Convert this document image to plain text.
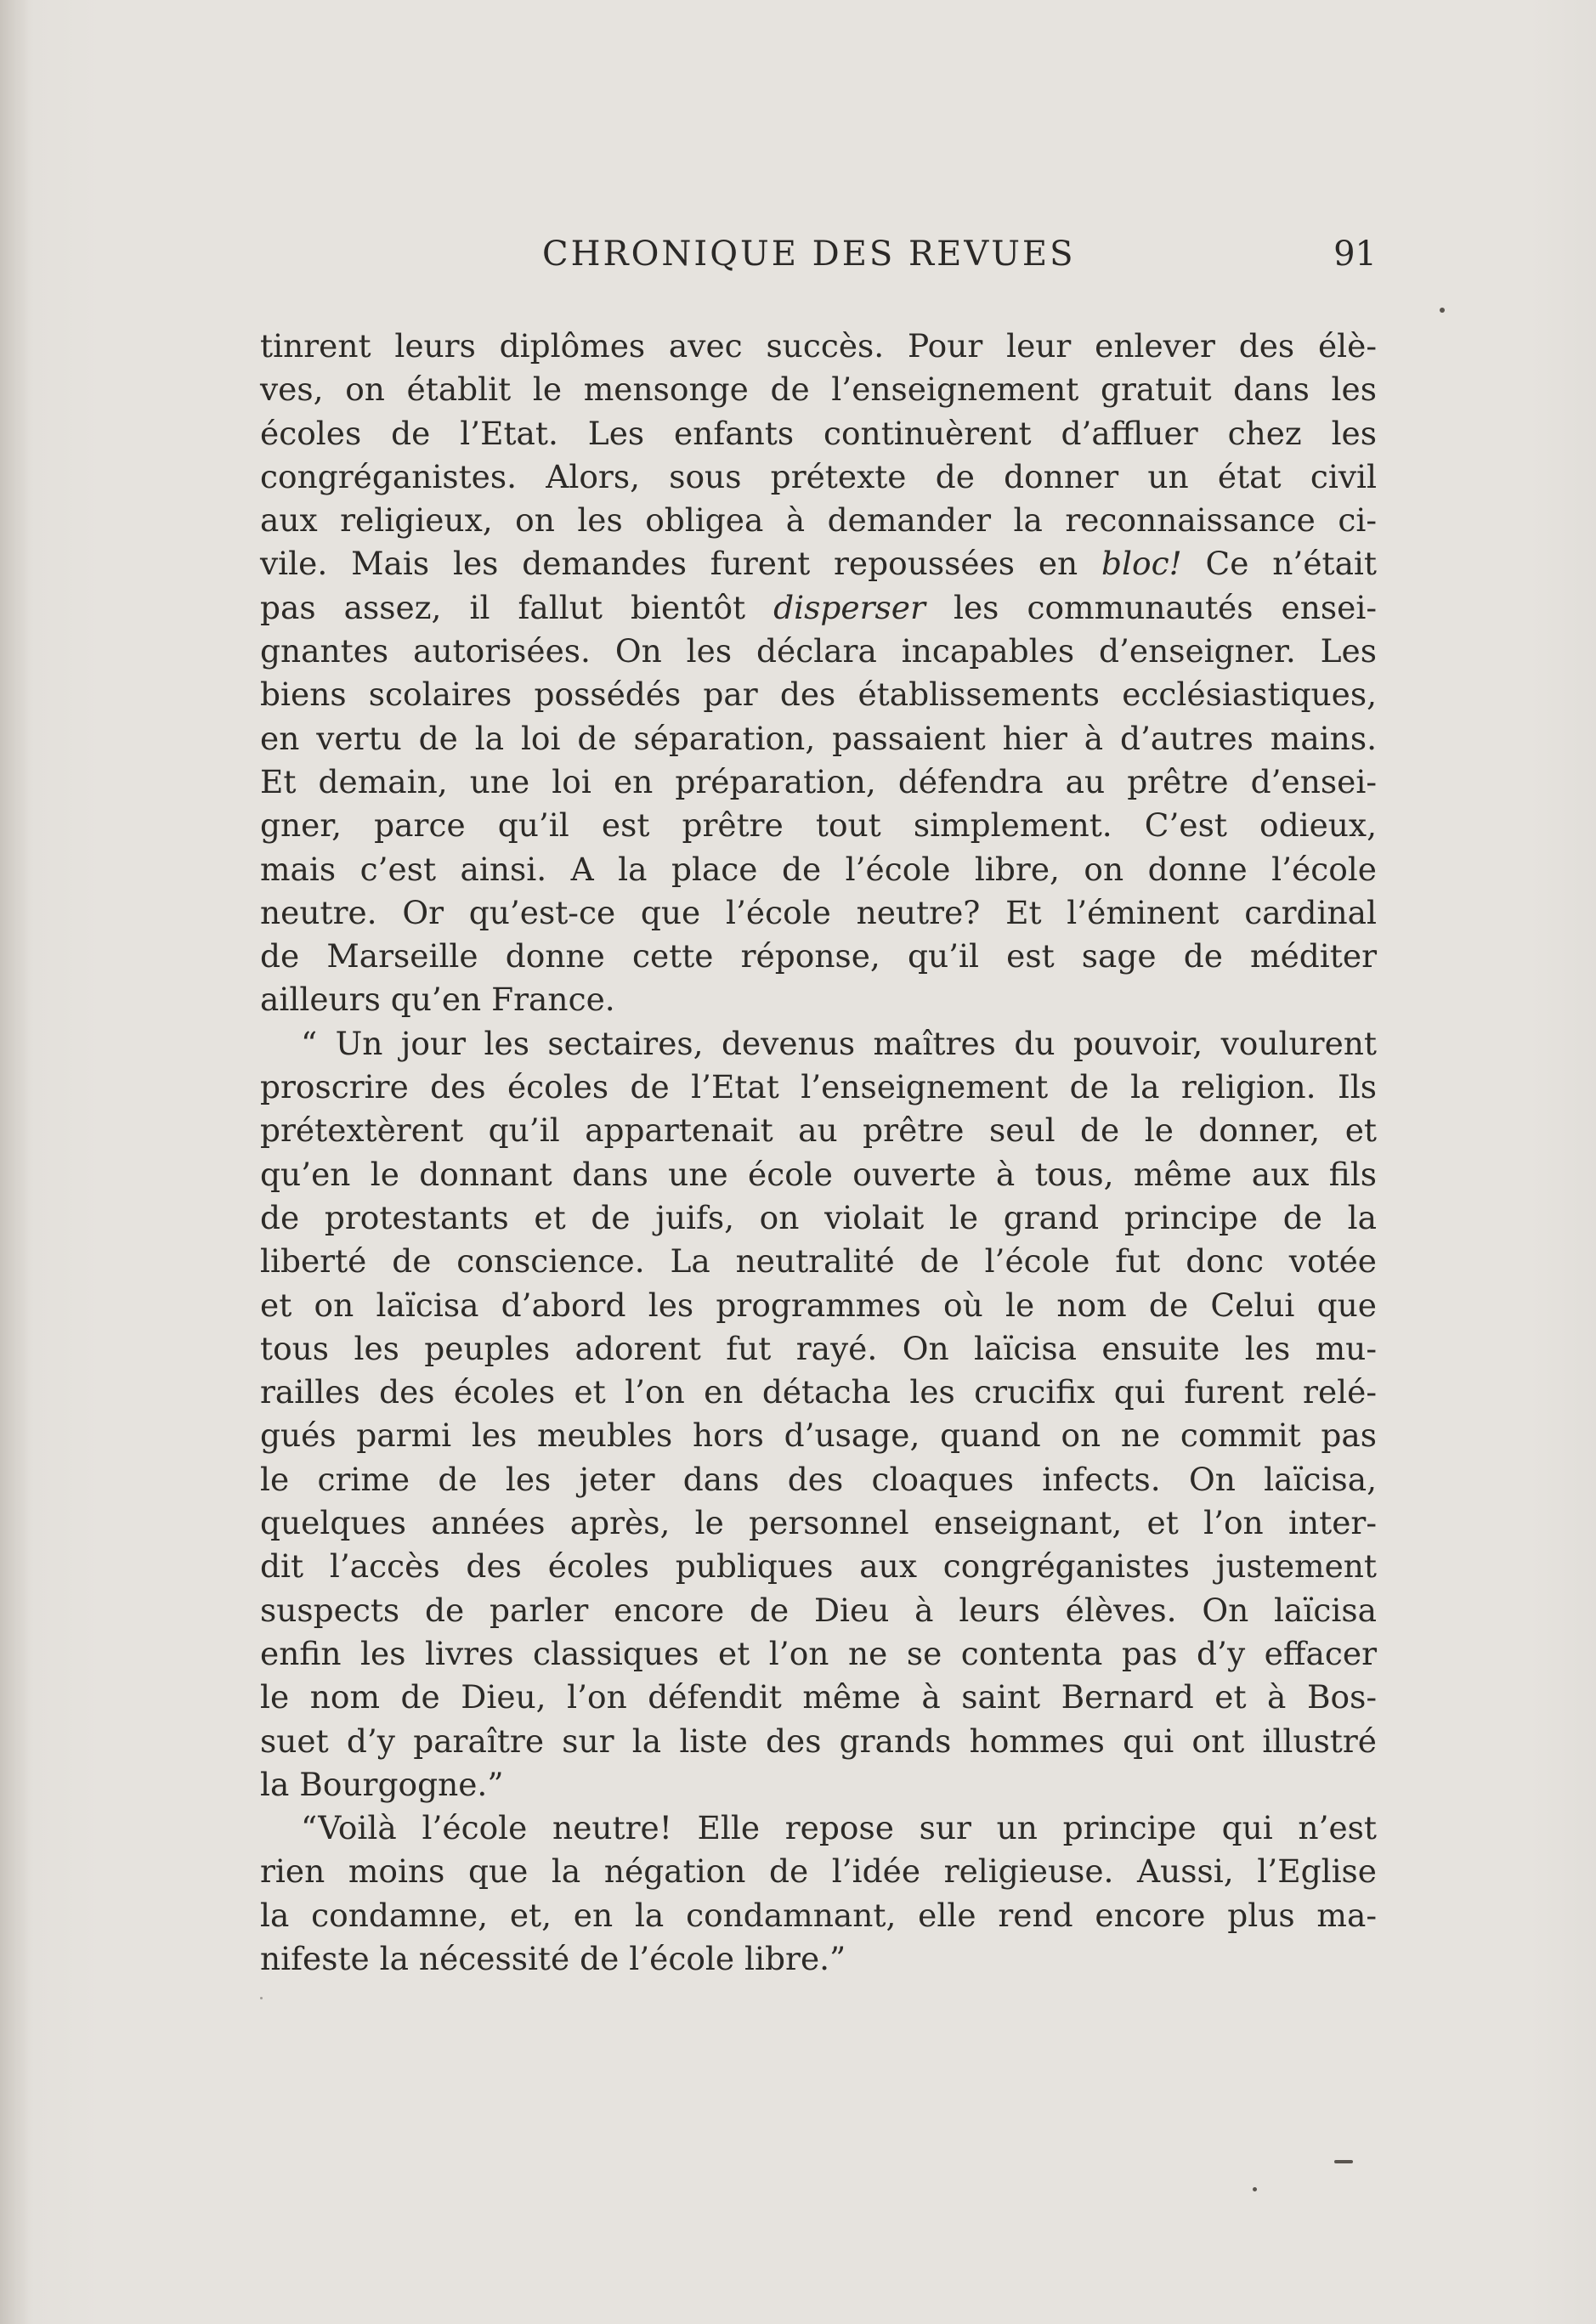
CHRONIQUE DES REVUES	91
tinrent leurs diplômes avec succès. Pour leur enlever des élè-
ves, on établit le mensonge de l’enseignement gratuit dans les
écoles de l’Etat. Les enfants continuèrent d’affluer chez les
congréganistes. Alors, sous prétexte de donner un état civil
aux religieux, on les obligea à demander la reconnaissance ci-
vile. Mais les demandes furent repoussées en bloc! Ce n’était
pas assez, il fallut bientôt disperser les communautés ensei-
gnantes autorisées. On les déclara incapables d’enseigner. Les
biens scolaires possédés par des établissements ecclésiastiques,
en vertu de la loi de séparation, passaient hier à d’autres mains.
Et demain, une loi en préparation, défendra au prêtre d’ensei-
gner, parce qu’il est prêtre tout simplement. C’est odieux,
mais c’est ainsi. A la place de l’école libre, on donne l’école
neutre. Or qu’est-ce que l’école neutre? Et l’éminent cardinal
de Marseille donne cette réponse, qu’il est sage de méditer
ailleurs qu’en France.
“ Un jour les sectaires, devenus maîtres du pouvoir, voulurent
proscrire des écoles de l’Etat l’enseignement de la religion. Ils
prétextèrent qu’il appartenait au prêtre seul de le donner, et
qu’en le donnant dans une école ouverte à tous, même aux fils
de protestants et de juifs, on violait le grand principe de la
liberté de conscience. La neutralité de l’école fut donc votée
et on laïcisa d’abord les programmes où le nom de Celui que
tous les peuples adorent fut rayé. On laïcisa ensuite les mu-
railles des écoles et l’on en détacha les crucifix qui furent relé-
gués parmi les meubles hors d’usage, quand on ne commit pas
le crime de les jeter dans des cloaques infects. On laïcisa,
quelques années après, le personnel enseignant, et l’on inter-
dit l’accès des écoles publiques aux congréganistes justement
suspects de parler encore de Dieu à leurs élèves. On laïcisa
enfin les livres classiques et l’on ne se contenta pas d’y effacer
le nom de Dieu, l’on défendit même à saint Bernard et à Bos-
suet d’y paraître sur la liste des grands hommes qui ont illustré
la Bourgogne.”
“Voilà l’école neutre! Elle repose sur un principe qui n’est
rien moins que la négation de l’idée religieuse. Aussi, l’Eglise
la condamne, et, en la condamnant, elle rend encore plus ma-
nifeste la nécessité de l’école libre.”
